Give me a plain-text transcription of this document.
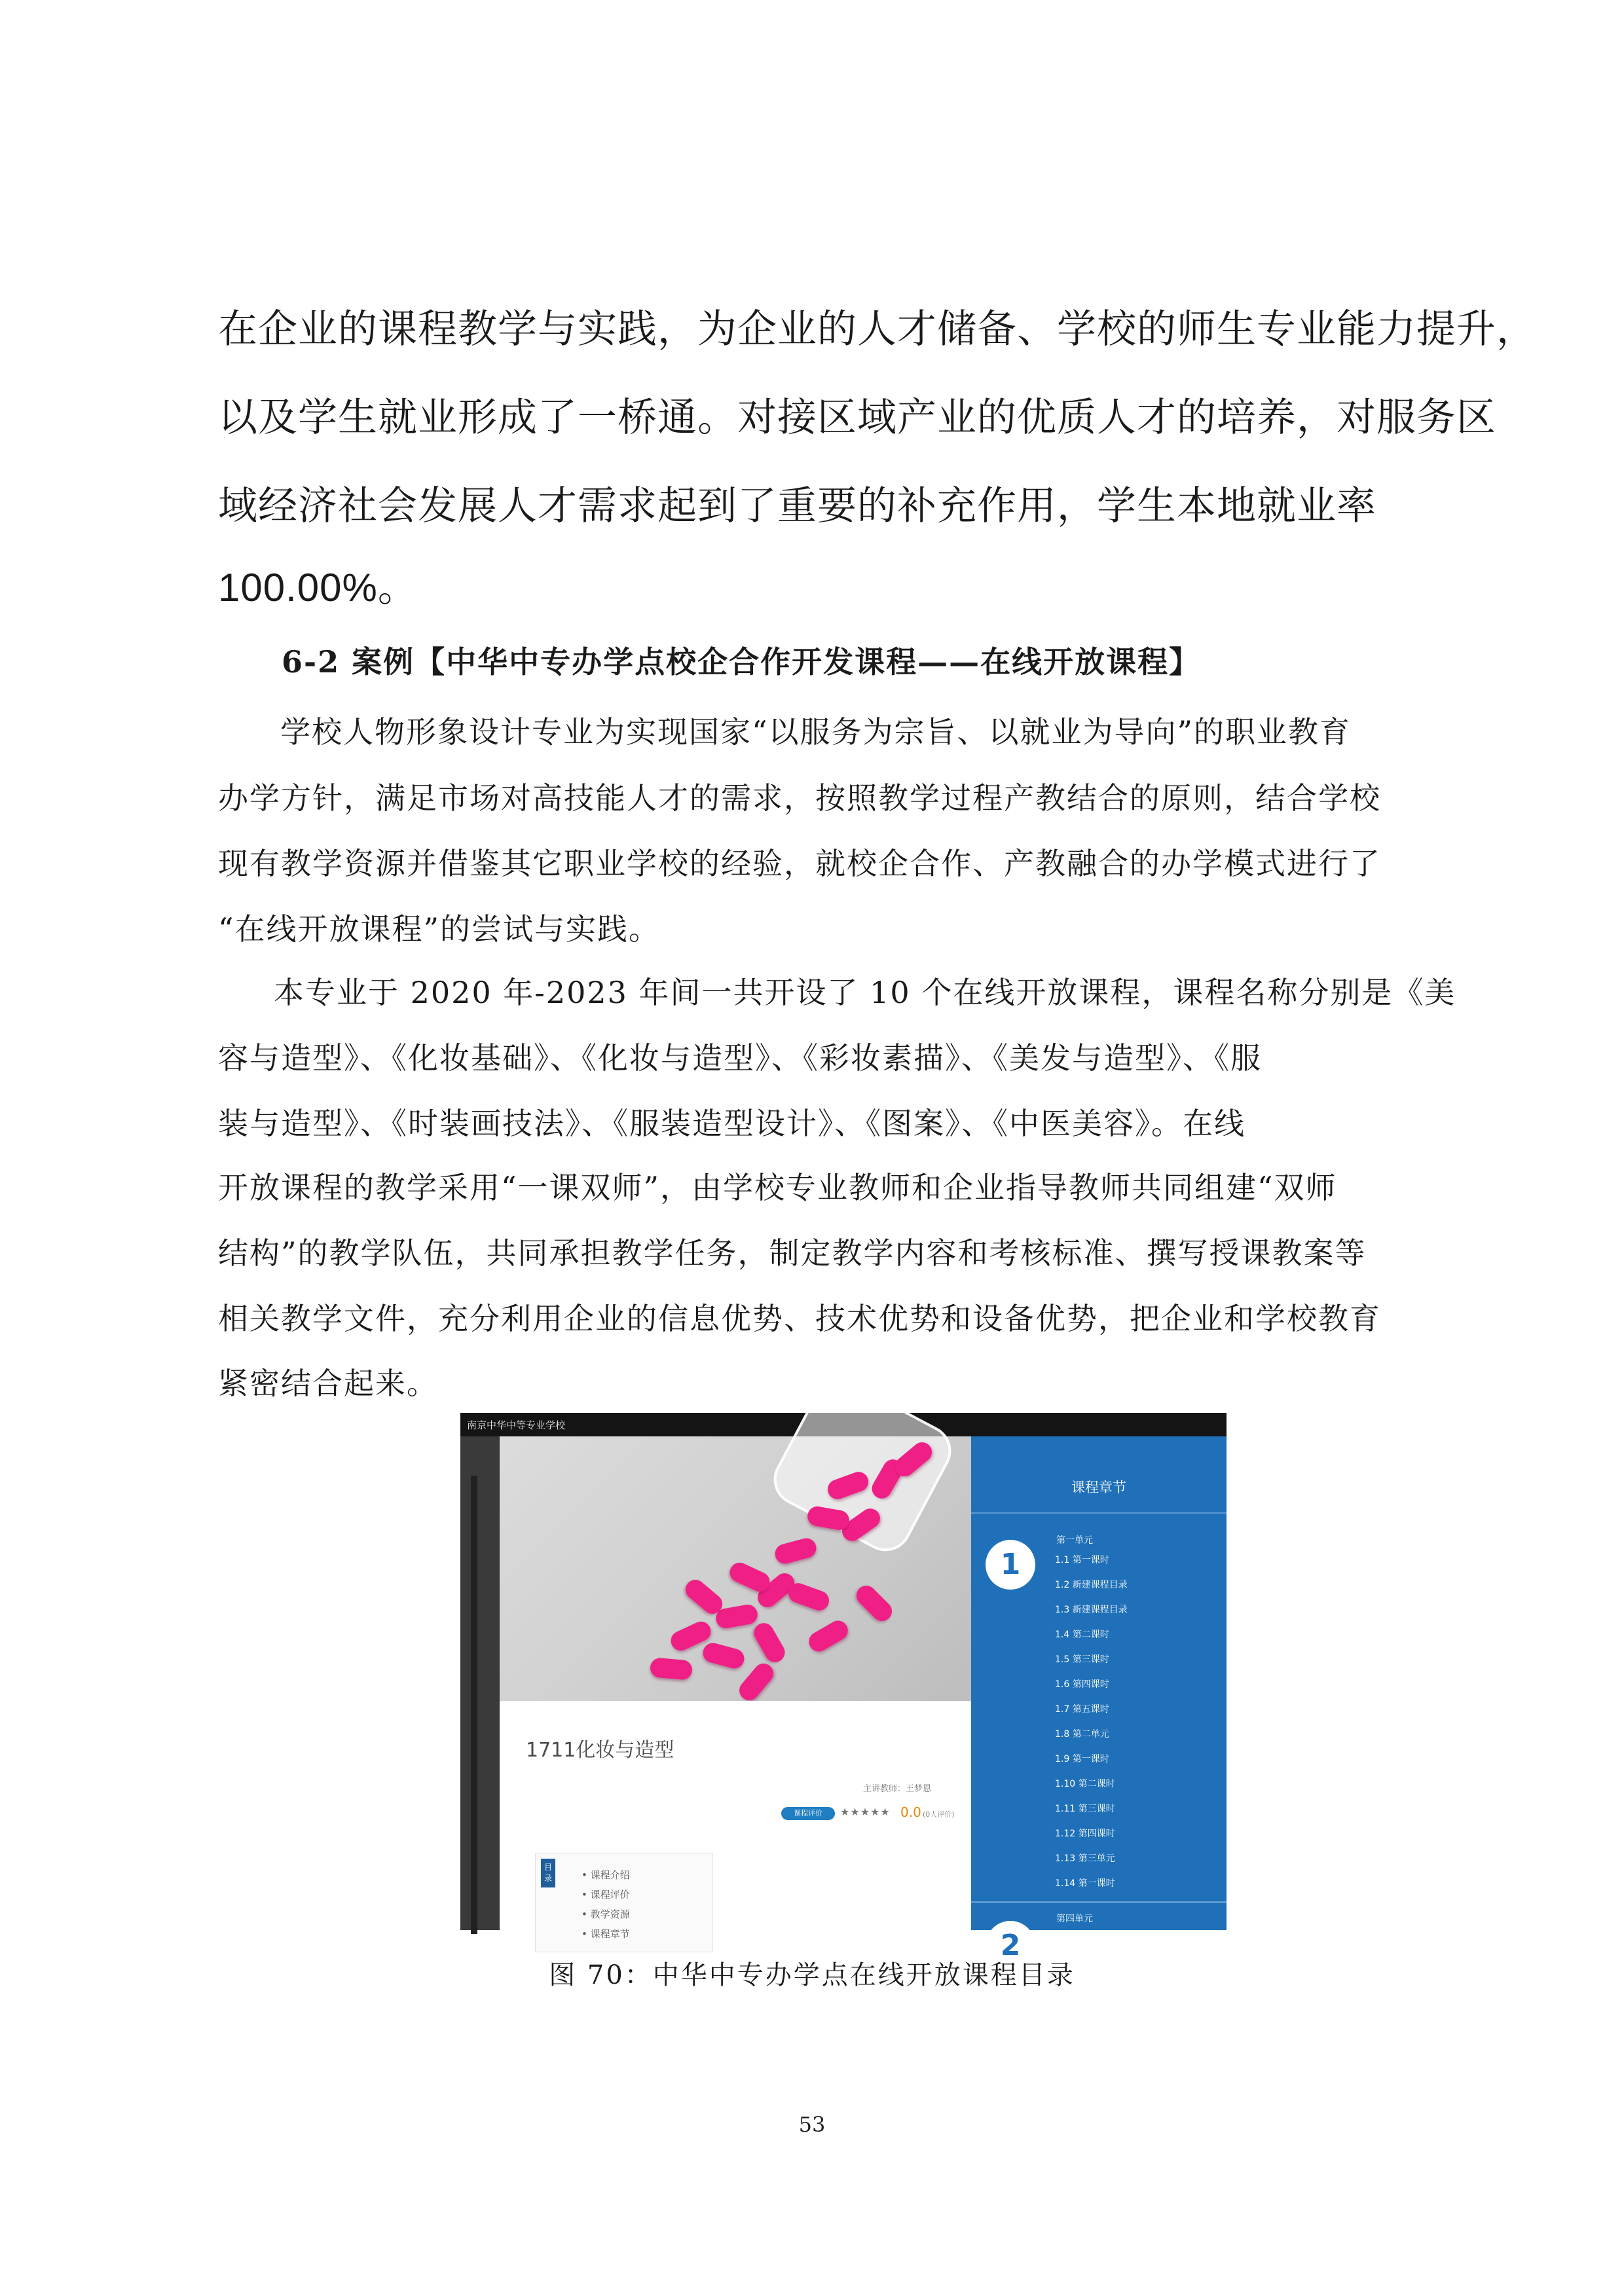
在企业的课程教学与实践，为企业的人才储备、学校的师生专业能力提升，
以及学生就业形成了一桥通。对接区域产业的优质人才的培养，对服务区
域经济社会发展人才需求起到了重要的补充作用，学生本地就业率
100.00%。
6-2 案例【中华中专办学点校企合作开发课程——在线开放课程】
学校人物形象设计专业为实现国家“以服务为宗旨、以就业为导向”的职业教育
办学方针，满足市场对高技能人才的需求，按照教学过程产教结合的原则，结合学校
现有教学资源并借鉴其它职业学校的经验，就校企合作、产教融合的办学模式进行了
“在线开放课程”的尝试与实践。
本专业于 2020 年-2023 年间一共开设了 10 个在线开放课程，课程名称分别是《美
容与造型》、《化妆基础》、《化妆与造型》、《彩妆素描》、《美发与造型》、《服
装与造型》、《时装画技法》、《服装造型设计》、《图案》、《中医美容》。在线
开放课程的教学采用“一课双师”，由学校专业教师和企业指导教师共同组建“双师
结构”的教学队伍，共同承担教学任务，制定教学内容和考核标准、撰写授课教案等
相关教学文件，充分利用企业的信息优势、技术优势和设备优势，把企业和学校教育
紧密结合起来。
南京中华中等专业学校
1711化妆与造型
主讲教师：王梦恩
课程评价	★★★★★ 0.0 (0人评价)
目录	• 课程介绍
• 课程评价
• 教学资源
• 课程章节
课程章节
1
第一单元
1.1 第一课时
1.2 新建课程目录
1.3 新建课程目录
1.4 第二课时
1.5 第三课时
1.6 第四课时
1.7 第五课时
1.8 第二单元
1.9 第一课时
1.10 第二课时
1.11 第三课时
1.12 第四课时
1.13 第三单元
1.14 第一课时
第四单元
2
图 70：中华中专办学点在线开放课程目录
53
